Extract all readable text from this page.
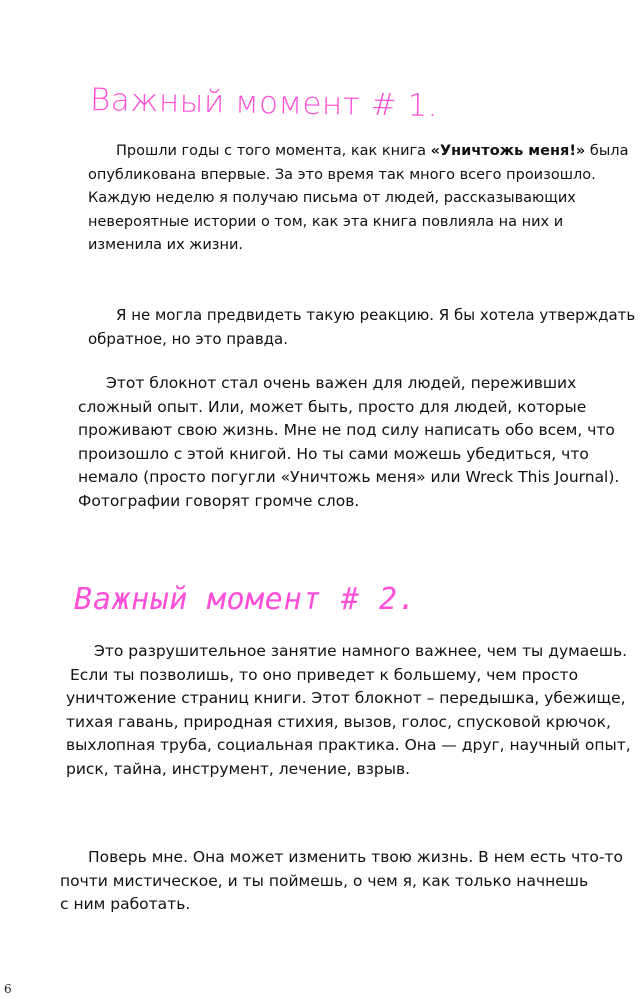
Важный момент # 1.

Прошли годы с того момента, как книга «Уничтожь меня!» была
опубликована впервые. За это время так много всего произошло.
Каждую неделю я получаю письма от людей, рассказывающих
невероятные истории о том, как эта книга повлияла на них и
изменила их жизни.

Я не могла предвидеть такую реакцию. Я бы хотела утверждать
обратное, но это правда.

Этот блокнот стал очень важен для людей, переживших
сложный опыт. Или, может быть, просто для людей, которые
проживают свою жизнь. Мне не под силу написать обо всем, что
произошло с этой книгой. Но ты сами можешь убедиться, что
немало (просто погугли «Уничтожь меня» или Wreck This Journal).
Фотографии говорят громче слов.

Важный момент # 2.

Это разрушительное занятие намного важнее, чем ты думаешь.
Если ты позволишь, то оно приведет к большему, чем просто
уничтожение страниц книги. Этот блокнот – передышка, убежище,
тихая гавань, природная стихия, вызов, голос, спусковой крючок,
выхлопная труба, социальная практика. Она — друг, научный опыт,
риск, тайна, инструмент, лечение, взрыв.

Поверь мне. Она может изменить твою жизнь. В нем есть что-то
почти мистическое, и ты поймешь, о чем я, как только начнешь
с ним работать.

6
